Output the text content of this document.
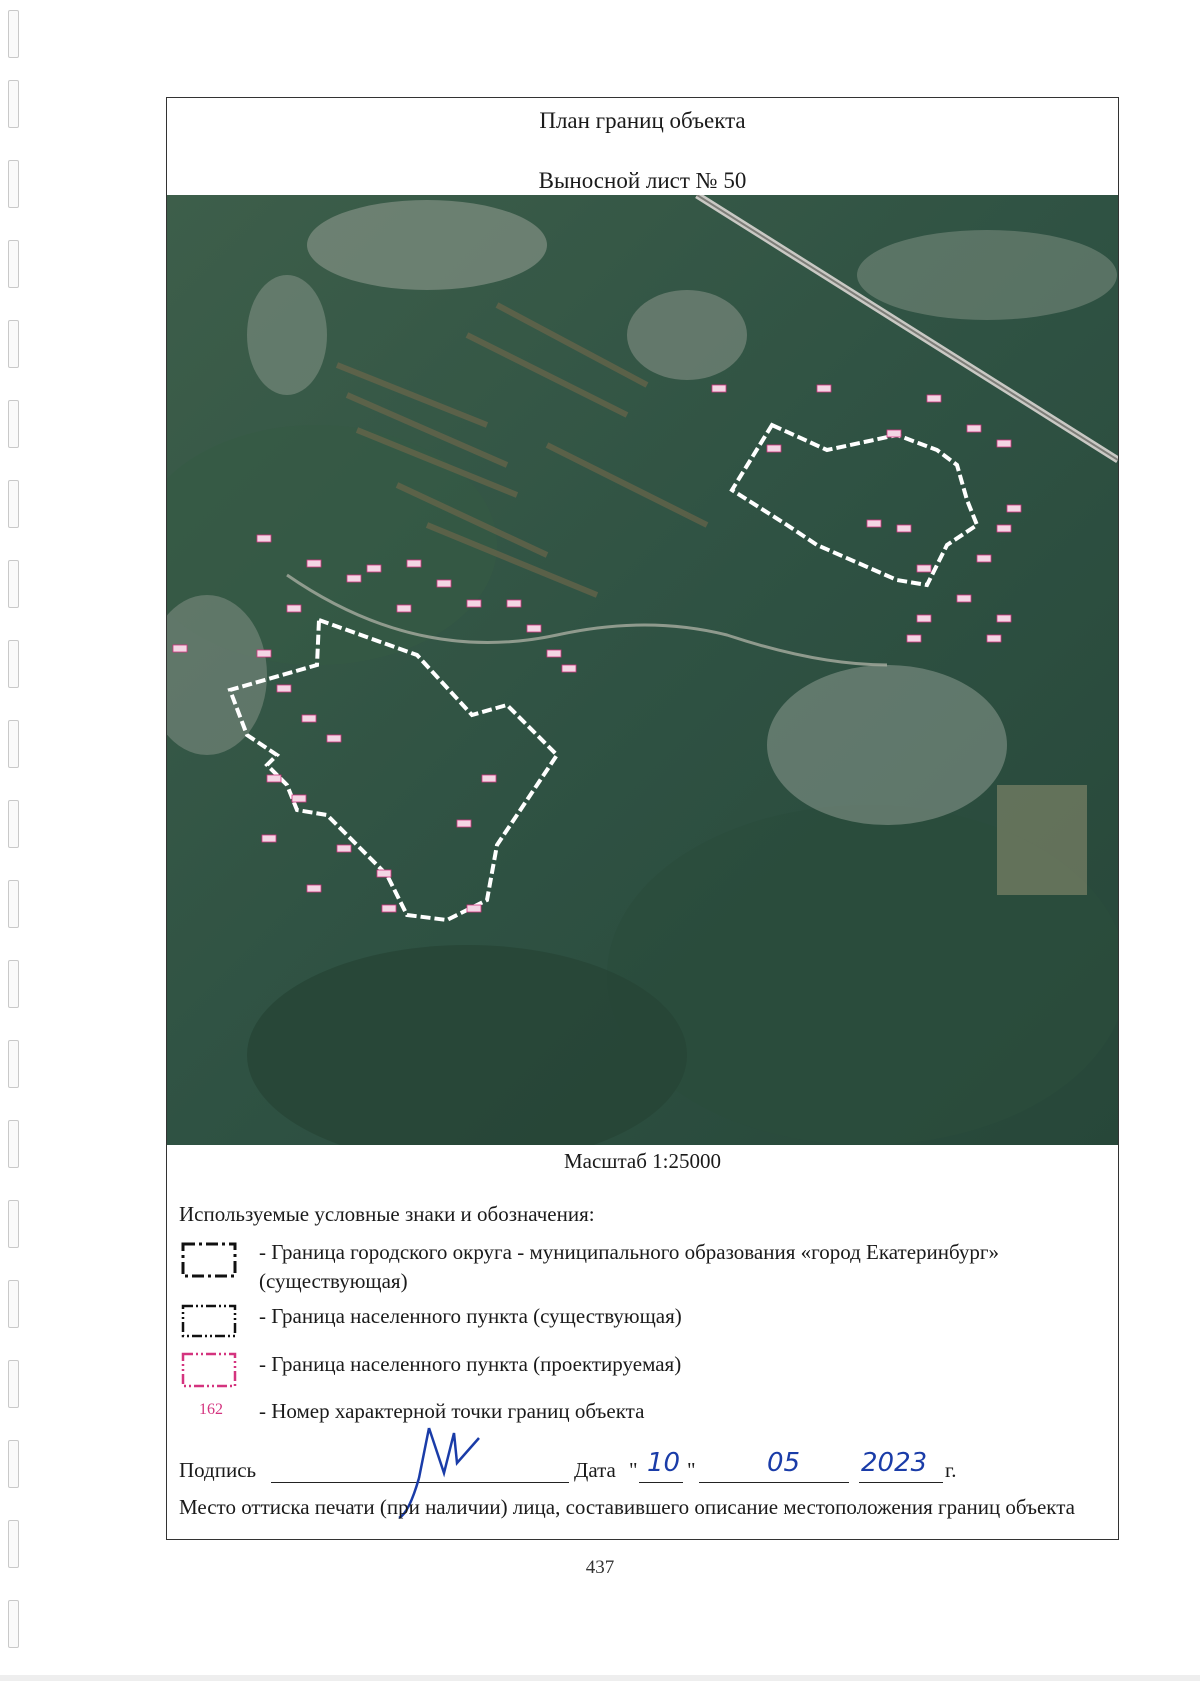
План границ объекта
Выносной лист № 50
Масштаб 1:25000
Используемые условные знаки и обозначения:
- Граница городского округа - муниципального образования «город Екатеринбург» (существующая)
- Граница населенного пункта (существующая)
- Граница населенного пункта (проектируемая)
162 - Номер характерной точки границ объекта
Подпись	Дата " 10 "	05 2023 г.
Место оттиска печати (при наличии) лица, составившего описание местоположения границ объекта
437
